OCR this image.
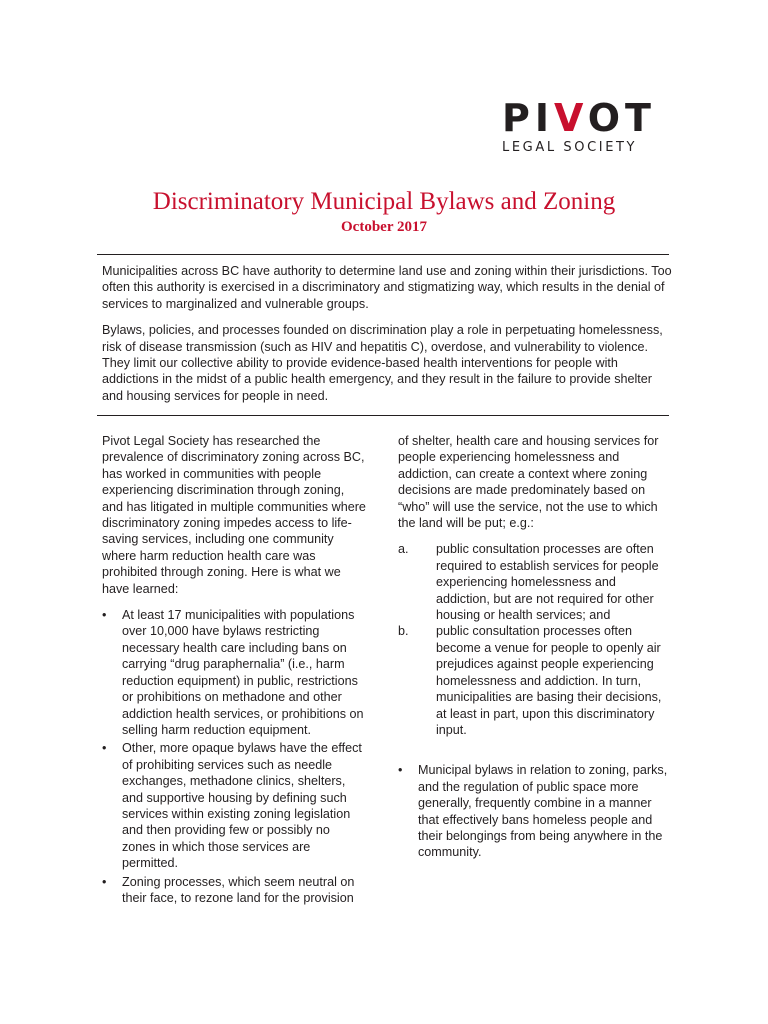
PIVOT
LEGAL SOCIETY
Discriminatory Municipal Bylaws and Zoning
October 2017

Municipalities across BC have authority to determine land use and zoning within their jurisdictions. Too often this authority is exercised in a discriminatory and stigmatizing way, which results in the denial of services to marginalized and vulnerable groups.

Bylaws, policies, and processes founded on discrimination play a role in perpetuating homelessness, risk of disease transmission (such as HIV and hepatitis C), overdose, and vulnerability to violence. They limit our collective ability to provide evidence-based health interventions for people with addictions in the midst of a public health emergency, and they result in the failure to provide shelter and housing services for people in need.

Pivot Legal Society has researched the prevalence of discriminatory zoning across BC, has worked in communities with people experiencing discrimination through zoning, and has litigated in multiple communities where discriminatory zoning impedes access to life-saving services, including one community where harm reduction health care was prohibited through zoning. Here is what we have learned:

• At least 17 municipalities with populations over 10,000 have bylaws restricting necessary health care including bans on carrying “drug paraphernalia” (i.e., harm reduction equipment) in public, restrictions or prohibitions on methadone and other addiction health services, or prohibitions on selling harm reduction equipment.
• Other, more opaque bylaws have the effect of prohibiting services such as needle exchanges, methadone clinics, shelters, and supportive housing by defining such services within existing zoning legislation and then providing few or possibly no zones in which those services are permitted.
• Zoning processes, which seem neutral on their face, to rezone land for the provision

of shelter, health care and housing services for people experiencing homelessness and addiction, can create a context where zoning decisions are made predominately based on “who” will use the service, not the use to which the land will be put; e.g.:

a. public consultation processes are often required to establish services for people experiencing homelessness and addiction, but are not required for other housing or health services; and
b. public consultation processes often become a venue for people to openly air prejudices against people experiencing homelessness and addiction. In turn, municipalities are basing their decisions, at least in part, upon this discriminatory input.
• Municipal bylaws in relation to zoning, parks, and the regulation of public space more generally, frequently combine in a manner that effectively bans homeless people and their belongings from being anywhere in the community.
